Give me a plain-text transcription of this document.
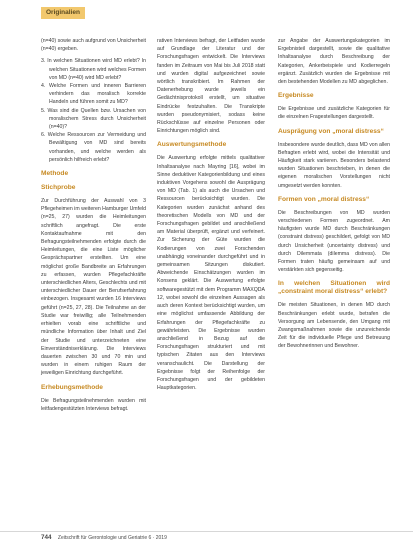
Originalien

(n=40) sowie auch aufgrund von Unsicherheit (n=40) ergeben.

3. In welchen Situationen wird MD erlebt? In welchen Situationen wird welches Formen von MD (n=40) wird MD erlebt?
4. Welche Formen und inneren Barrieren verhindern das moralisch korrekte Handeln und führen somit zu MD?
5. Was sind die Quellen bzw. Ursachen von moralischem Stress durch Unsicherheit (n=40)?
6. Welche Ressourcen zur Vermeidung und Bewältigung von MD sind bereits vorhanden, und welche werden als persönlich hilfreich erlebt?
Methode
Stichprobe

Zur Durchführung der Auswahl von 3 Pflegeheimen im weiteren Hamburger Umfeld (n=25, 27) wurden die Heimleitungen schriftlich angefragt. Die erste Kontaktaufnahme mit den Befragungsteilnehmenden erfolgte durch die Heimleitungen, die eine Liste möglicher Gesprächspartner erstellten. Um eine möglichst große Bandbreite an Erfahrungen zu erfassen, wurden Pflegefachkräfte unterschiedlichen Alters, Geschlechts und mit unterschiedlicher Dauer der Berufserfahrung einbezogen. Insgesamt wurden 16 Interviews geführt (n=25, 27, 28). Die Teilnahme an der Studie war freiwillig; alle Teilnehmenden erhielten vorab eine schriftliche und mündliche Information über Inhalt und Ziel der Studie und unterzeichneten eine Einverständniserklärung. Die Interviews dauerten zwischen 30 und 70 min und wurden in einem ruhigen Raum der jeweiligen Einrichtung durchgeführt.

Erhebungsmethode

Die Befragungsteilnehmenden wurden mit leitfadengestützten Interviews befragt.

rativen Interviews befragt, der Leitfaden wurde auf Grundlage der Literatur und der Forschungsfragen entwickelt. Die Interviews fanden im Zeitraum von Mai bis Juli 2018 statt und wurden digital aufgezeichnet sowie wörtlich transkribiert. Im Rahmen der Datenerhebung wurde jeweils ein Gedächtnisprotokoll erstellt, um situative Eindrücke festzuhalten. Die Transkripte wurden pseudonymisiert, sodass keine Rückschlüsse auf einzelne Personen oder Einrichtungen möglich sind.

Auswertungsmethode

Die Auswertung erfolgte mittels qualitativer Inhaltsanalyse nach Mayring [16], wobei im Sinne deduktiver Kategorienbildung und eines induktiven Vorgehens sowohl die Ausprägung von MD (Tab. 1) als auch die Ursachen und Ressourcen berücksichtigt wurden. Die Kategorien wurden zunächst anhand des theoretischen Modells von MD und der Forschungsfragen gebildet und anschließend am Material überprüft, ergänzt und verfeinert. Zur Sicherung der Güte wurden die Kodierungen von zwei Forschenden unabhängig voneinander durchgeführt und in gemeinsamen Sitzungen diskutiert. Abweichende Einschätzungen wurden im Konsens geklärt. Die Auswertung erfolgte softwaregestützt mit dem Programm MAXQDA 12, wobei sowohl die einzelnen Aussagen als auch deren Kontext berücksichtigt wurden, um eine möglichst umfassende Abbildung der Erfahrungen der Pflegefachkräfte zu gewährleisten. Die Ergebnisse wurden anschließend in Bezug auf die Forschungsfragen strukturiert und mit typischen Zitaten aus den Interviews veranschaulicht. Die Darstellung der Ergebnisse folgt der Reihenfolge der Forschungsfragen und der gebildeten Hauptkategorien.

zur Angabe der Auswertungskategorien im Ergebnisteil dargestellt, sowie die qualitative Inhaltsanalyse durch Beschreibung der Kategorien, Ankerbeispiele und Kodierregeln ergänzt. Zusätzlich wurden die Ergebnisse mit den bestehenden Modellen zu MD abgeglichen.

Ergebnisse

Die Ergebnisse und zusätzliche Kategorien für die einzelnen Fragestellungen dargestellt.

Ausprägung von „moral distress“

Insbesondere wurde deutlich, dass MD von allen Befragten erlebt wird, wobei die Intensität und Häufigkeit stark variieren. Besonders belastend wurden Situationen beschrieben, in denen die eigenen moralischen Vorstellungen nicht umgesetzt werden konnten.

Formen von „moral distress“

Die Beschreibungen von MD wurden verschiedenen Formen zugeordnet. Am häufigsten wurde MD durch Beschränkungen (constraint distress) geschildert, gefolgt von MD durch Unsicherheit (uncertainty distress) und durch Dilemmata (dilemma distress). Die Formen traten häufig gemeinsam auf und verstärkten sich gegenseitig.

In welchen Situationen wird „constraint moral distress“ erlebt?

Die meisten Situationen, in denen MD durch Beschränkungen erlebt wurde, betrafen die Versorgung am Lebensende, den Umgang mit Zwangsmaßnahmen sowie die unzureichende Zeit für die individuelle Pflege und Betreuung der Bewohnerinnen und Bewohner.

744 Zeitschrift für Gerontologie und Geriatrie 6 · 2019
